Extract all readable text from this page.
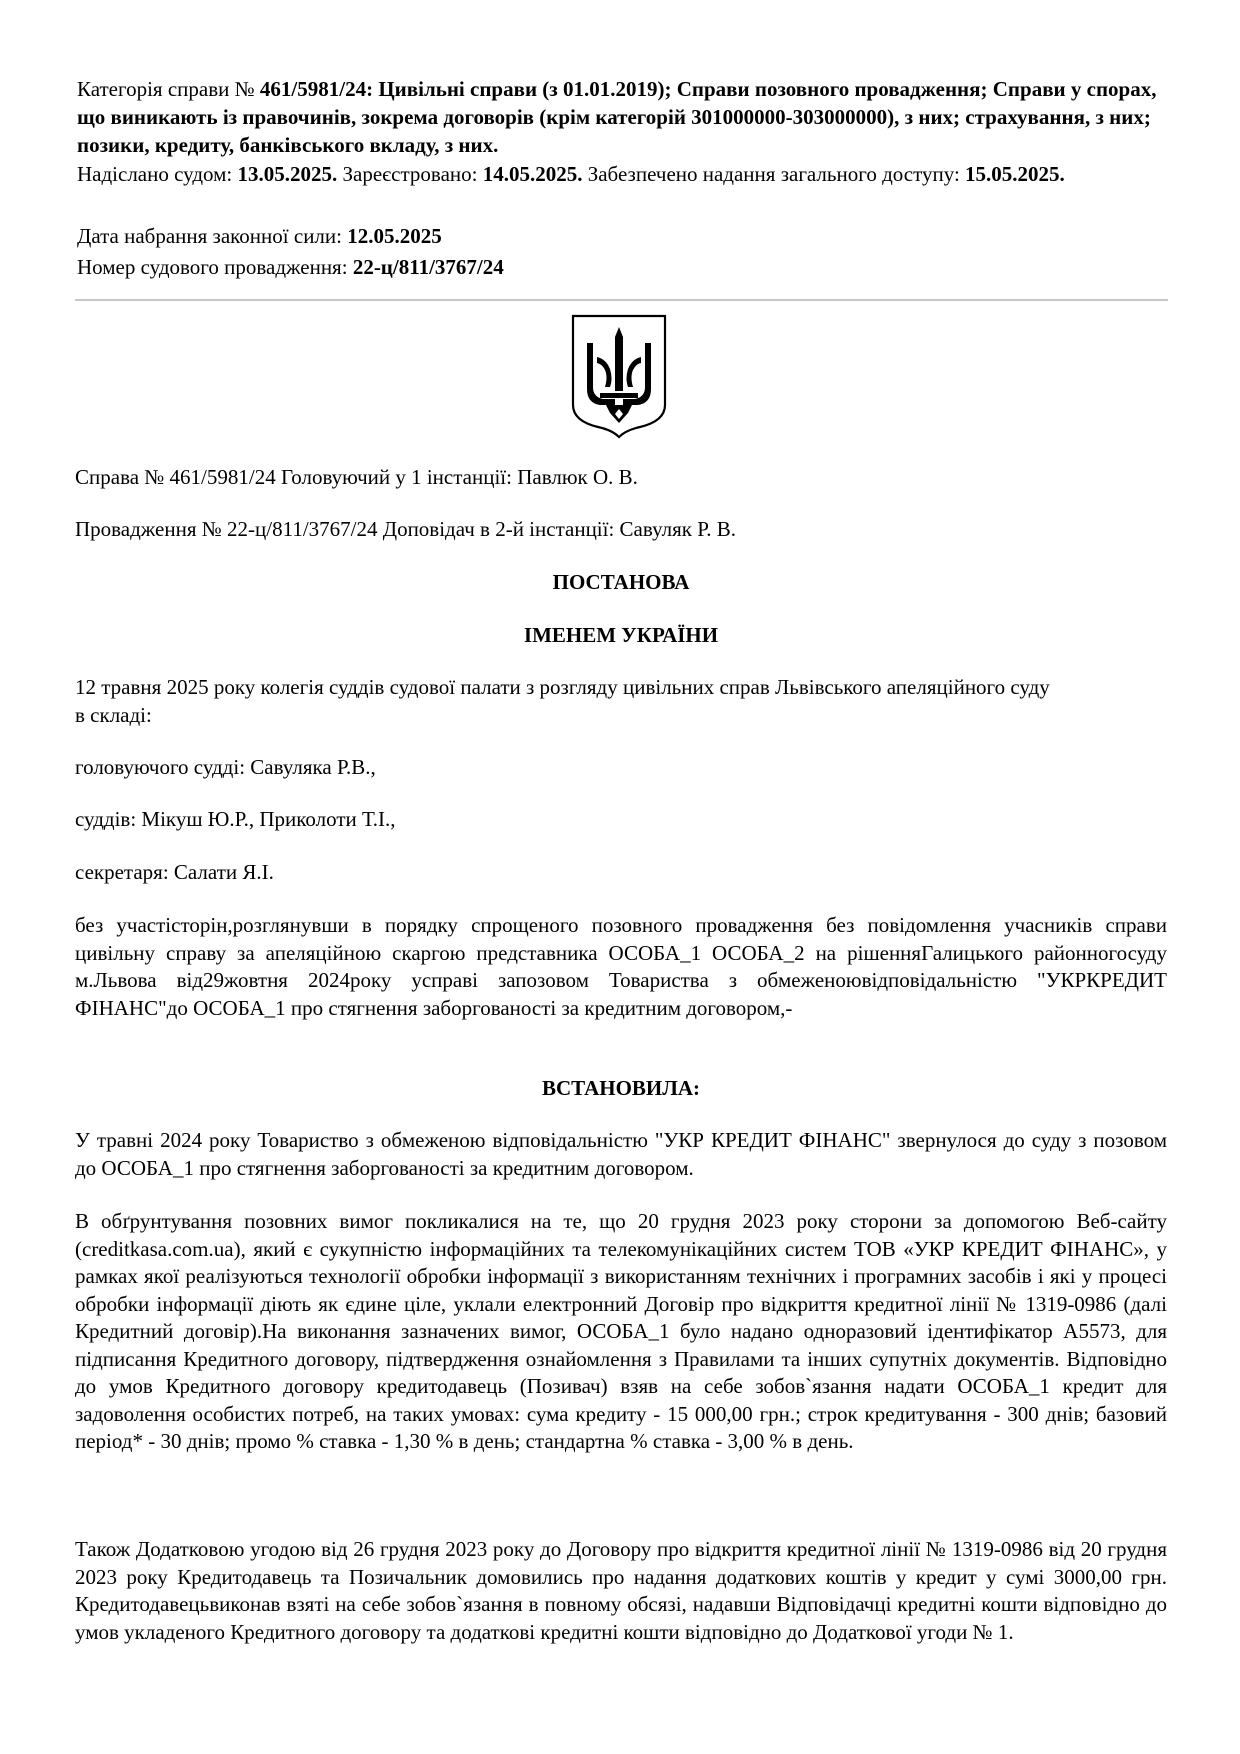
Категорія справи № 461/5981/24: Цивільні справи (з 01.01.2019); Справи позовного провадження; Справи у спорах, що виникають із правочинів, зокрема договорів (крім категорій 301000000-303000000), з них; страхування, з них; позики, кредиту, банківського вкладу, з них.
Надіслано судом: 13.05.2025. Зареєстровано: 14.05.2025. Забезпечено надання загального доступу: 15.05.2025.
Дата набрання законної сили: 12.05.2025
Номер судового провадження: 22-ц/811/3767/24
Справа № 461/5981/24 Головуючий у 1 інстанції: Павлюк О. В.
Провадження № 22-ц/811/3767/24 Доповідач в 2-й інстанції: Савуляк Р. В.
ПОСТАНОВА
ІМЕНЕМ УКРАЇНИ
12 травня 2025 року колегія суддів судової палати з розгляду цивільних справ Львівського апеляційного суду в складі:
головуючого судді: Савуляка Р.В.,
суддів: Мікуш Ю.Р., Приколоти Т.І.,
секретаря: Салати Я.І.
без участісторін,розглянувши в порядку спрощеного позовного провадження без повідомлення учасників справи цивільну справу за апеляційною скаргою представника ОСОБА_1 ОСОБА_2 на рішенняГалицького районногосуду м.Львова від29жовтня 2024року усправі запозовом Товариства з обмеженоювідповідальністю "УКРКРЕДИТ ФІНАНС"до ОСОБА_1 про стягнення заборгованості за кредитним договором,-
ВСТАНОВИЛА:
У травні 2024 року Товариство з обмеженою відповідальністю "УКР КРЕДИТ ФІНАНС" звернулося до суду з позовом до ОСОБА_1 про стягнення заборгованості за кредитним договором.
В обґрунтування позовних вимог покликалися на те, що 20 грудня 2023 року сторони за допомогою Веб-сайту (creditkasa.com.ua), який є сукупністю інформаційних та телекомунікаційних систем ТОВ «УКР КРЕДИТ ФІНАНС», у рамках якої реалізуються технології обробки інформації з використанням технічних і програмних засобів і які у процесі обробки інформації діють як єдине ціле, уклали електронний Договір про відкриття кредитної лінії № 1319-0986 (далі Кредитний договір).На виконання зазначених вимог, ОСОБА_1 було надано одноразовий ідентифікатор А5573, для підписання Кредитного договору, підтвердження ознайомлення з Правилами та інших супутніх документів. Відповідно до умов Кредитного договору кредитодавець (Позивач) взяв на себе зобов`язання надати ОСОБА_1 кредит для задоволення особистих потреб, на таких умовах: сума кредиту - 15 000,00 грн.; строк кредитування - 300 днів; базовий період* - 30 днів; промо % ставка - 1,30 % в день; стандартна % ставка - 3,00 % в день.
Також Додатковою угодою від 26 грудня 2023 року до Договору про відкриття кредитної лінії № 1319-0986 від 20 грудня 2023 року Кредитодавець та Позичальник домовились про надання додаткових коштів у кредит у сумі 3000,00 грн. Кредитодавецьвиконав взяті на себе зобов`язання в повному обсязі, надавши Відповідачці кредитні кошти відповідно до умов укладеного Кредитного договору та додаткові кредитні кошти відповідно до Додаткової угоди № 1.
